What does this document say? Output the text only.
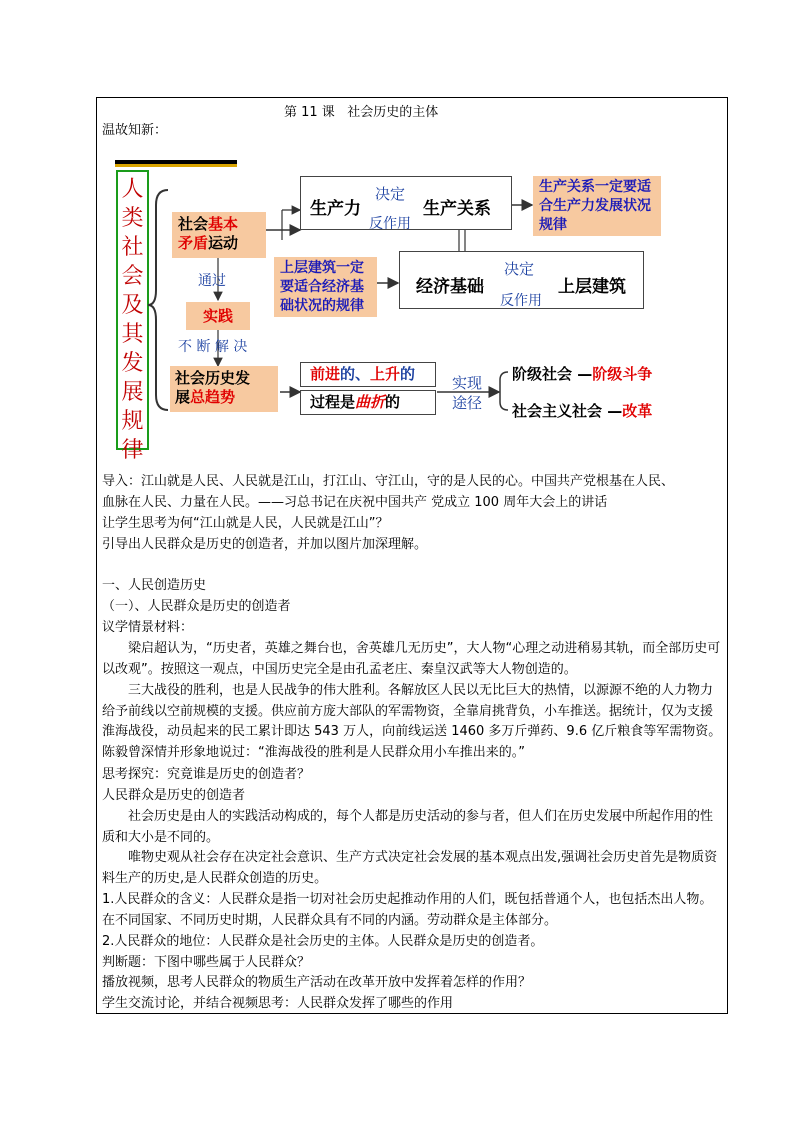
第 11 课   社会历史的主体
温故知新：
人
类
社
会
及
其
发
展
规
律
社会基本
矛盾运动
通过
实践
不 断 解 决
社会历史发
展总趋势
生产力
决定
反作用
生产关系
生产关系一定要适合生产力发展状况规律
上层建筑一定要适合经济基础状况的规律
经济基础
决定
反作用
上层建筑
前进的、上升的
过程是曲折的
实现
途径
阶级社会 —阶级斗争
社会主义社会 —改革
导入：江山就是人民、人民就是江山，打江山、守江山，守的是人民的心。中国共产党根基在人民、
血脉在人民、力量在人民。——习总书记在庆祝中国共产 党成立 100 周年大会上的讲话
让学生思考为何“江山就是人民，人民就是江山”？
引导出人民群众是历史的创造者，并加以图片加深理解。
一、人民创造历史
（一）、人民群众是历史的创造者
议学情景材料：
梁启超认为，“历史者，英雄之舞台也，舍英雄几无历史”，大人物“心理之动进稍易其轨，而全部历史可以改观”。按照这一观点，中国历史完全是由孔孟老庄、秦皇汉武等大人物创造的。
三大战役的胜利，也是人民战争的伟大胜利。各解放区人民以无比巨大的热情，以源源不绝的人力物力给予前线以空前规模的支援。供应前方庞大部队的军需物资，全靠肩挑背负，小车推送。据统计，仅为支援淮海战役，动员起来的民工累计即达 543 万人，向前线运送 1460 多万斤弹药、9.6 亿斤粮食等军需物资。陈毅曾深情并形象地说过：“淮海战役的胜利是人民群众用小车推出来的。”
思考探究：究竟谁是历史的创造者？
人民群众是历史的创造者
社会历史是由人的实践活动构成的，每个人都是历史活动的参与者，但人们在历史发展中所起作用的性质和大小是不同的。
唯物史观从社会存在决定社会意识、生产方式决定社会发展的基本观点出发,强调社会历史首先是物质资料生产的历史,是人民群众创造的历史。
1.人民群众的含义：人民群众是指一切对社会历史起推动作用的人们，既包括普通个人，也包括杰出人物。在不同国家、不同历史时期，人民群众具有不同的内涵。劳动群众是主体部分。
2.人民群众的地位：人民群众是社会历史的主体。人民群众是历史的创造者。
判断题：下图中哪些属于人民群众？
播放视频，思考人民群众的物质生产活动在改革开放中发挥着怎样的作用？
学生交流讨论，并结合视频思考：人民群众发挥了哪些的作用
